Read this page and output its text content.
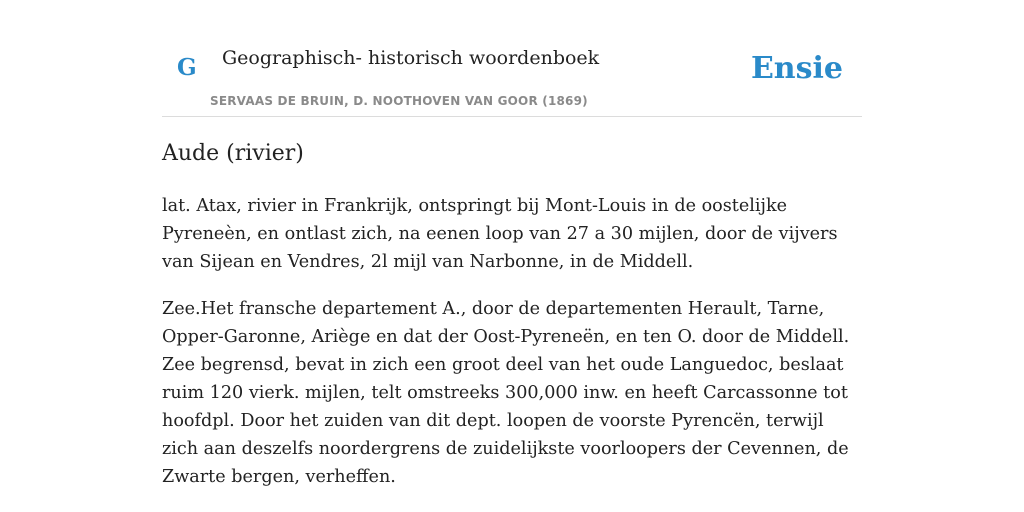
G Geographisch- historisch woordenboek
SERVAAS DE BRUIN, D. NOOTHOVEN VAN GOOR (1869)
Ensie
Aude (rivier)

lat. Atax, rivier in Frankrijk, ontspringt bij Mont-Louis in de oostelijke Pyreneèn, en ontlast zich, na eenen loop van 27 a 30 mijlen, door de vijvers van Sijean en Vendres, 2l mijl van Narbonne, in de Middell.

Zee.Het fransche departement A., door de departementen Herault, Tarne, Opper-Garonne, Ariège en dat der Oost-Pyreneën, en ten O. door de Middell. Zee begrensd, bevat in zich een groot deel van het oude Languedoc, beslaat ruim 120 vierk. mijlen, telt omstreeks 300,000 inw. en heeft Carcassonne tot hoofdpl. Door het zuiden van dit dept. loopen de voorste Pyrencën, terwijl zich aan deszelfs noordergrens de zuidelijkste voorloopers der Cevennen, de Zwarte bergen, verheffen.
